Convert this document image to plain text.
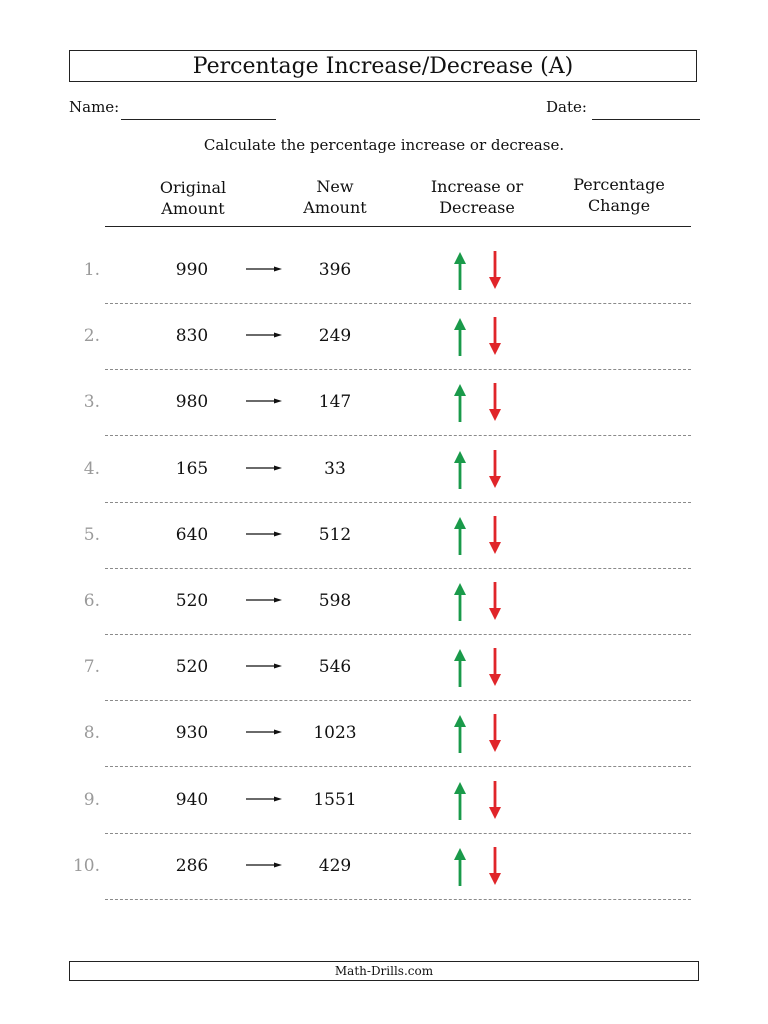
Percentage Increase/Decrease (A)
Name:	Date:
Calculate the percentage increase or decrease.
Original
Amount
New
Amount
Increase or
Decrease
Percentage
Change
1.	990	396
2.	830	249
3.	980	147
4.	165	33
5.	640	512
6.	520	598
7.	520	546
8.	930	1023
9.	940	1551
10.	286	429
Math-Drills.com
